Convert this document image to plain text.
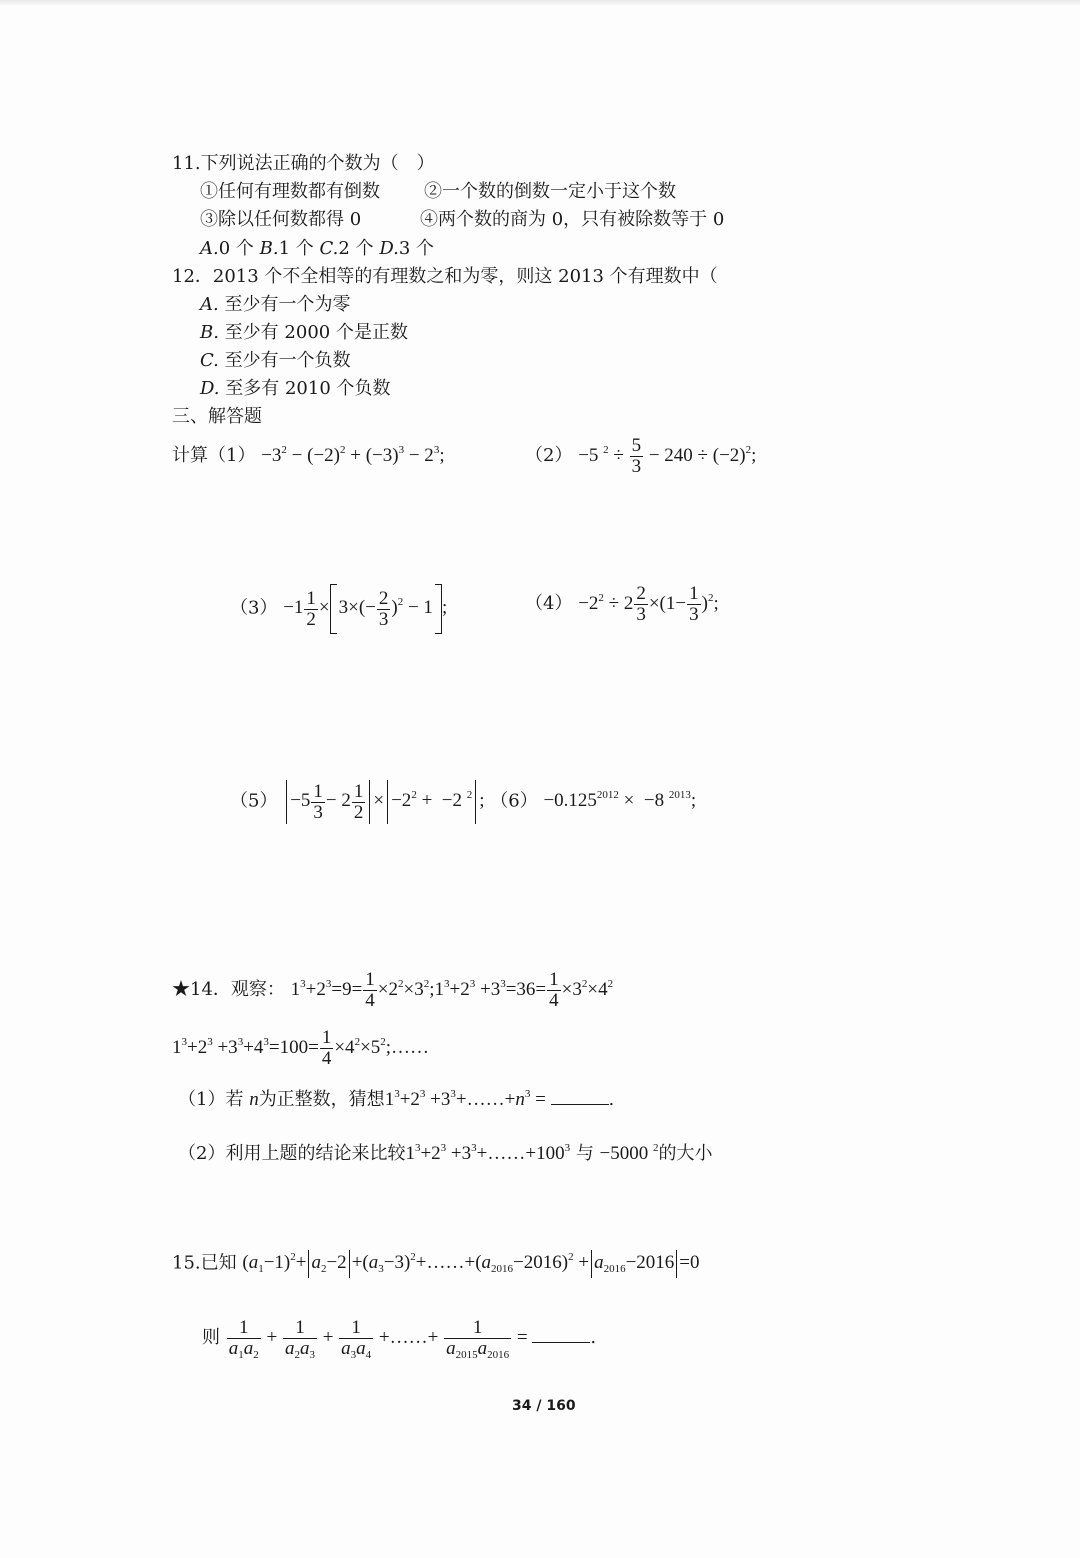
11.下列说法正确的个数为（　）
①任何有理数都有倒数 ②一个数的倒数一定小于这个数
③除以任何数都得 0	④两个数的商为 0，只有被除数等于 0
A.0 个 B.1 个 C.2 个 D.3 个
12．2013 个不全相等的有理数之和为零，则这 2013 个有理数中（
A. 至少有一个为零
B. 至少有 2000 个是正数
C. 至少有一个负数
D. 至多有 2010 个负数
三、解答题
计算$(1) -3^2 - (-2)^2 + (-3)^3 - 2^3$;	（2） −5 $^2 \div \frac{5}{3} - 240 \div (-2)^2$;
$(3) -1 \frac{1}{2} \times 3\times(- \frac{2}{3} )^2 - 1$ ;	$(4) -2^2 \div 2 \frac{2}{3} \times(1- \frac{1}{3} )^2$;
$(5) -5 \frac{1}{3} - 2 \frac{1}{2} \times -2^2 + -2$ $^2$ ; $(6) -0.125^{2012} \times -8$ $^{2013}$;
★14．观察： $1^3+2^3=9= \frac{1}{4}$ $\times 2^2\times 3^2;1^3+2^3 +3^3=36= \frac{1}{4} \times 3^2\times 4^2$
$1^3+2^3 +3^3+4^3=100= \frac{1}{4}$ $\times 4^2\times 5^2;\dots\dots$
（1）若 n为正整数，猜想$1^3+2^3$ $+3^3+\dots\dots+n^3$ =	.
（2）利用上题的结论来比较$1^3+2^3$ $+3^3+\dots\dots+100^3$ 与 −5000 $^2$的大小
15.已知 $(a_1-1)^2+ a_2-2$ $+(a_3-3)^2+\dots\dots+(a_{2016}-2016)^2 + a_{2016}-2016 =0$
则 $\frac{1}{a_1a_2} + \frac{1}{a_2a_3} + \frac{1}{a_3a_4}$ +……+ $\frac{1}{a_{2015}a_{2016}}$ =	.
34 / 160
